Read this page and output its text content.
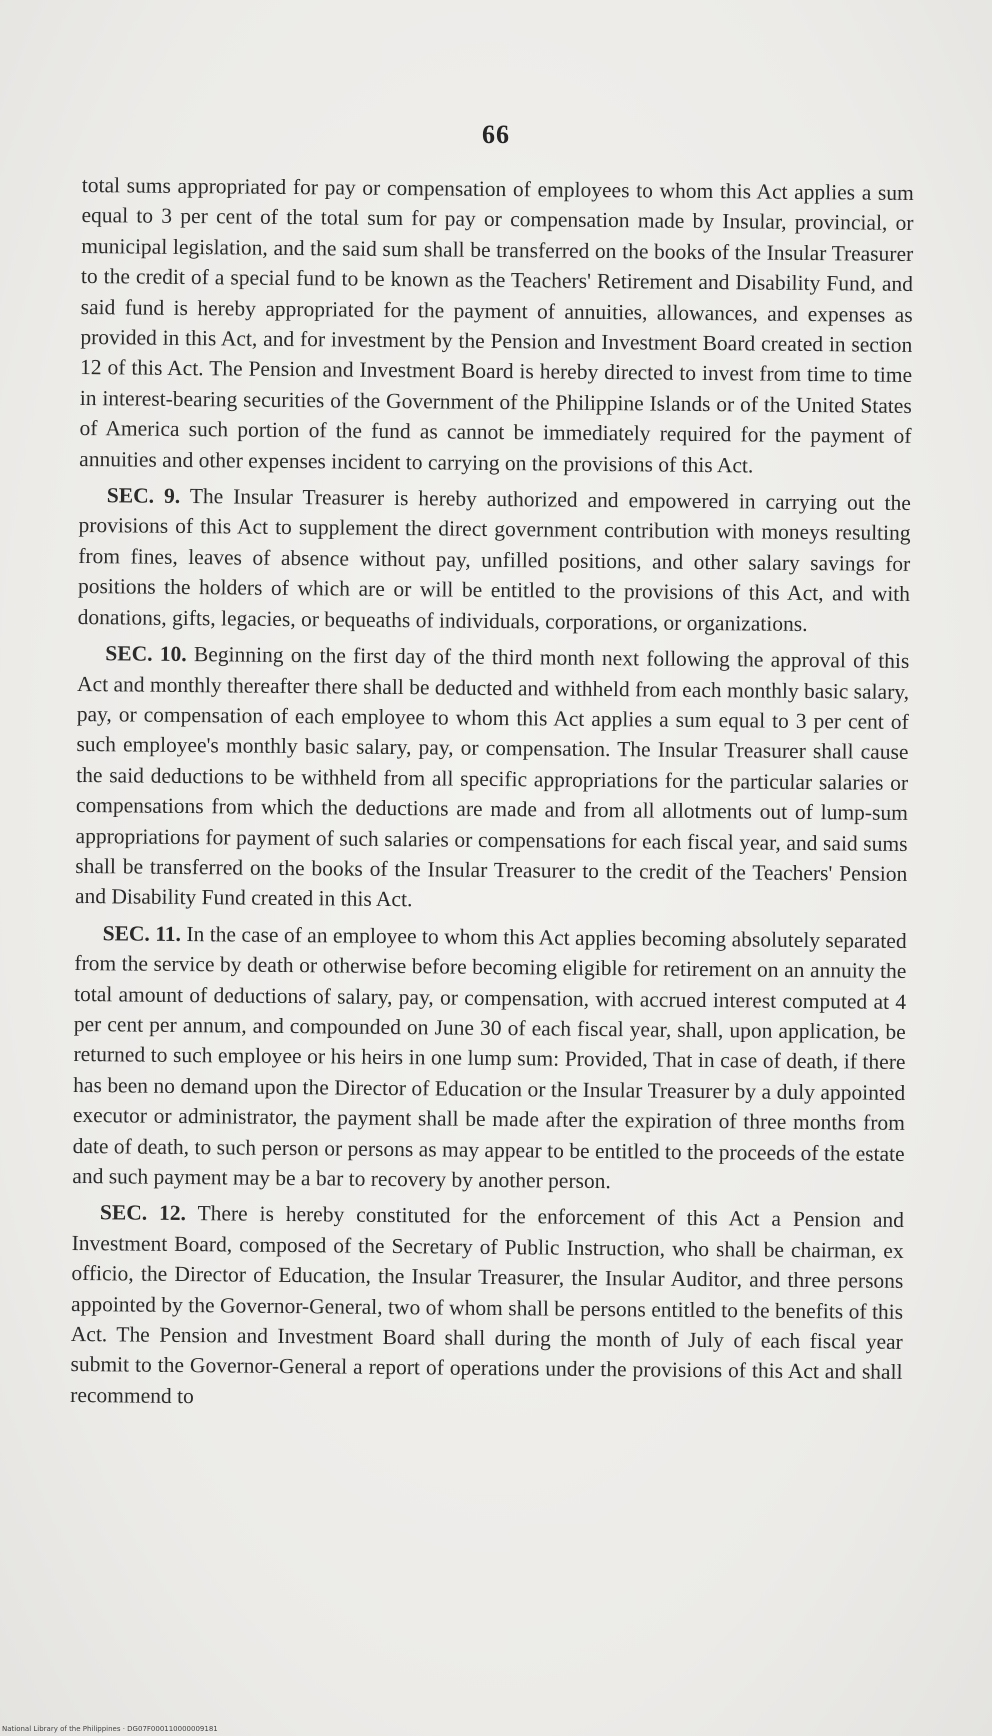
66

total sums appropriated for pay or compensation of employees to whom this Act applies a sum equal to 3 per cent of the total sum for pay or compensation made by Insular, provincial, or municipal legislation, and the said sum shall be transferred on the books of the Insular Treasurer to the credit of a special fund to be known as the Teachers' Retirement and Disability Fund, and said fund is hereby appropriated for the payment of annuities, allowances, and expenses as provided in this Act, and for investment by the Pension and Investment Board created in section 12 of this Act. The Pension and Investment Board is hereby directed to invest from time to time in interest-bearing securities of the Government of the Philippine Islands or of the United States of America such portion of the fund as cannot be immediately required for the payment of annuities and other expenses incident to carrying on the provisions of this Act.

SEC. 9. The Insular Treasurer is hereby authorized and empowered in carrying out the provisions of this Act to supplement the direct government contribution with moneys resulting from fines, leaves of absence without pay, unfilled positions, and other salary savings for positions the holders of which are or will be entitled to the provisions of this Act, and with donations, gifts, legacies, or bequeaths of individuals, corporations, or organizations.

SEC. 10. Beginning on the first day of the third month next following the approval of this Act and monthly thereafter there shall be deducted and withheld from each monthly basic salary, pay, or compensation of each employee to whom this Act applies a sum equal to 3 per cent of such employee's monthly basic salary, pay, or compensation. The Insular Treasurer shall cause the said deductions to be withheld from all specific appropriations for the particular salaries or compensations from which the deductions are made and from all allotments out of lump-sum appropriations for payment of such salaries or compensations for each fiscal year, and said sums shall be transferred on the books of the Insular Treasurer to the credit of the Teachers' Pension and Disability Fund created in this Act.

SEC. 11. In the case of an employee to whom this Act applies becoming absolutely separated from the service by death or otherwise before becoming eligible for retirement on an annuity the total amount of deductions of salary, pay, or compensation, with accrued interest computed at 4 per cent per annum, and compounded on June 30 of each fiscal year, shall, upon application, be returned to such employee or his heirs in one lump sum: Provided, That in case of death, if there has been no demand upon the Director of Education or the Insular Treasurer by a duly appointed executor or administrator, the payment shall be made after the expiration of three months from date of death, to such person or persons as may appear to be entitled to the proceeds of the estate and such payment may be a bar to recovery by another person.

SEC. 12. There is hereby constituted for the enforcement of this Act a Pension and Investment Board, composed of the Secretary of Public Instruction, who shall be chairman, ex officio, the Director of Education, the Insular Treasurer, the Insular Auditor, and three persons appointed by the Governor-General, two of whom shall be persons entitled to the benefits of this Act. The Pension and Investment Board shall during the month of July of each fiscal year submit to the Governor-General a report of operations under the provisions of this Act and shall recommend to

National Library of the Philippines · DG07F000110000009181
